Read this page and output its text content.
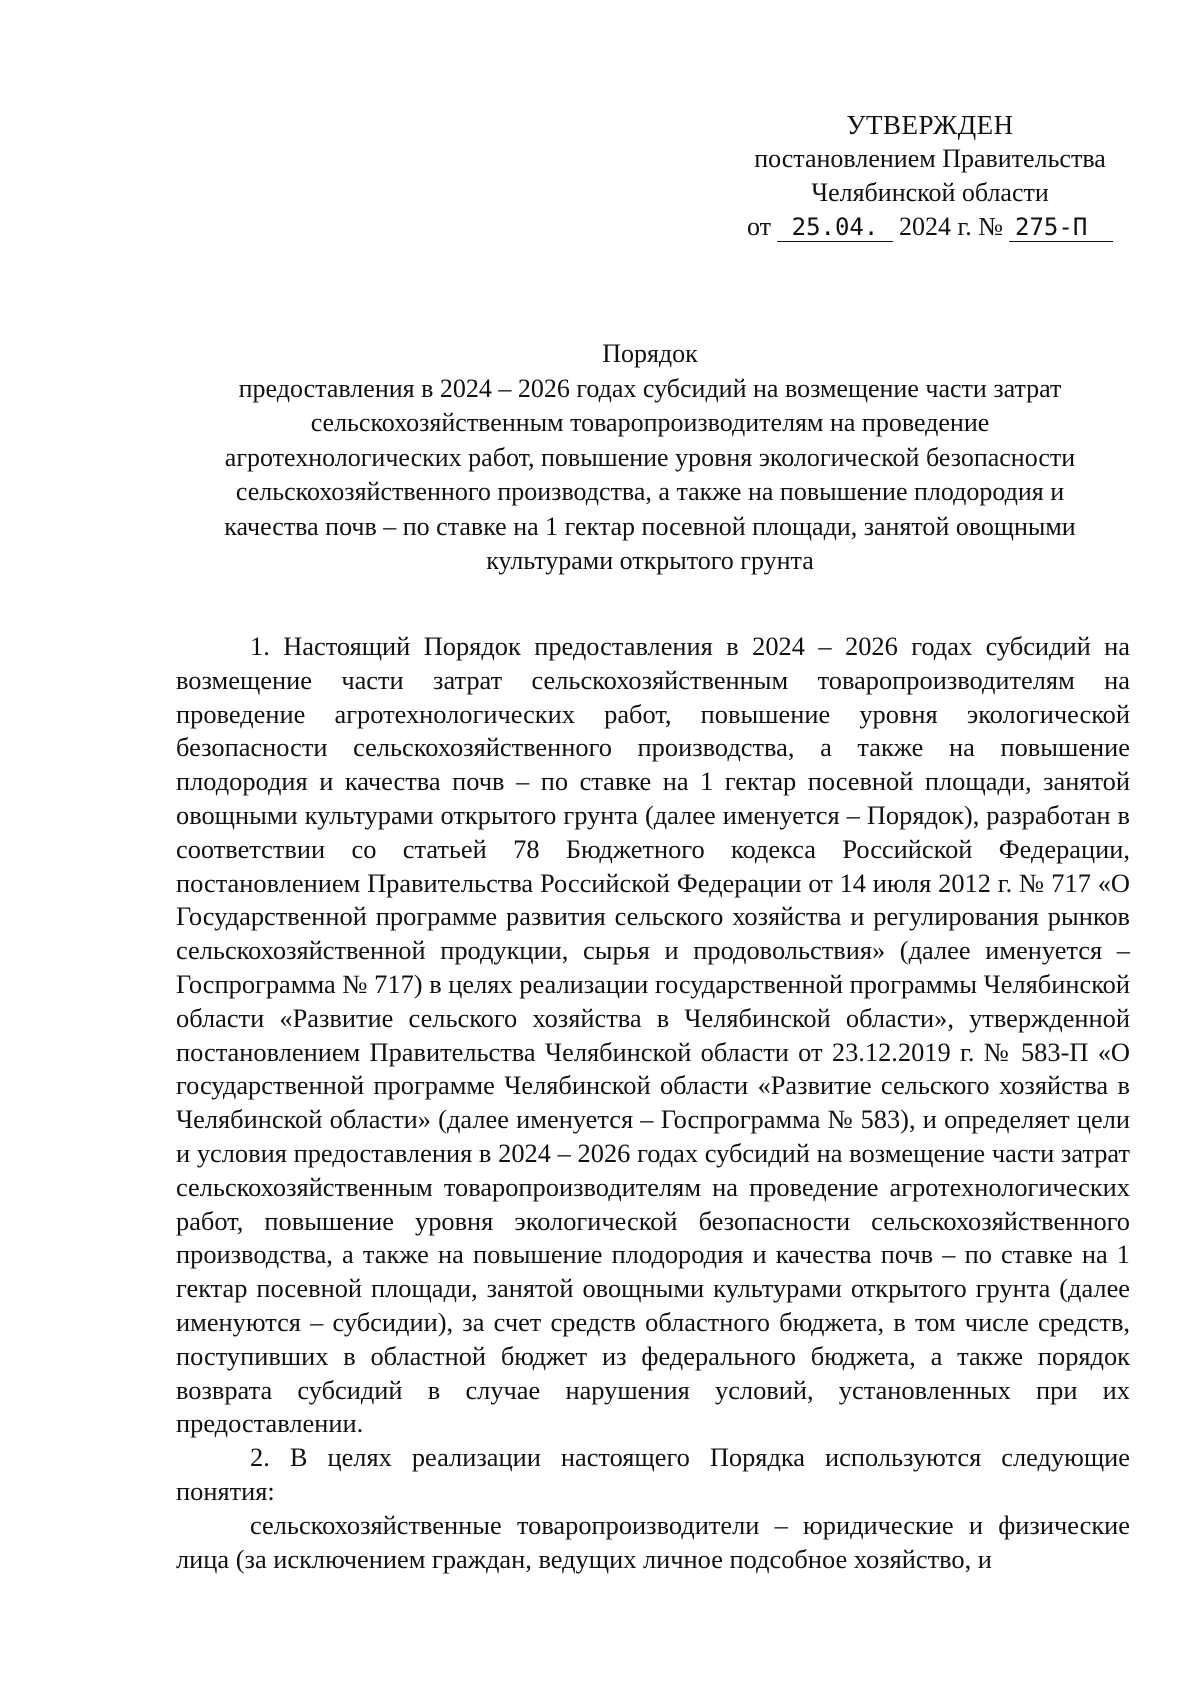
УТВЕРЖДЕН
постановлением Правительства
Челябинской области
от 25.04. 2024 г. № 275-П
Порядок
предоставления в 2024 – 2026 годах субсидий на возмещение части затрат
сельскохозяйственным товаропроизводителям на проведение
агротехнологических работ, повышение уровня экологической безопасности
сельскохозяйственного производства, а также на повышение плодородия и
качества почв – по ставке на 1 гектар посевной площади, занятой овощными
культурами открытого грунта

1. Настоящий Порядок предоставления в 2024 – 2026 годах субсидий на возмещение части затрат сельскохозяйственным товаропроизводителям на проведение агротехнологических работ, повышение уровня экологической безопасности сельскохозяйственного производства, а также на повышение плодородия и качества почв – по ставке на 1 гектар посевной площади, занятой овощными культурами открытого грунта (далее именуется – Порядок), разработан в соответствии со статьей 78 Бюджетного кодекса Российской Федерации, постановлением Правительства Российской Федерации от 14 июля 2012 г. № 717 «О Государственной программе развития сельского хозяйства и регулирования рынков сельскохозяйственной продукции, сырья и продовольствия» (далее именуется – Госпрограмма № 717) в целях реализации государственной программы Челябинской области «Развитие сельского хозяйства в Челябинской области», утвержденной постановлением Правительства Челябинской области от 23.12.2019 г. № 583-П «О государственной программе Челябинской области «Развитие сельского хозяйства в Челябинской области» (далее именуется – Госпрограмма № 583), и определяет цели и условия предоставления в 2024 – 2026 годах субсидий на возмещение части затрат сельскохозяйственным товаропроизводителям на проведение агротехнологических работ, повышение уровня экологической безопасности сельскохозяйственного производства, а также на повышение плодородия и качества почв – по ставке на 1 гектар посевной площади, занятой овощными культурами открытого грунта (далее именуются – субсидии), за счет средств областного бюджета, в том числе средств, поступивших в областной бюджет из федерального бюджета, а также порядок возврата субсидий в случае нарушения условий, установленных при их предоставлении.

2. В целях реализации настоящего Порядка используются следующие понятия:

сельскохозяйственные товаропроизводители – юридические и физические лица (за исключением граждан, ведущих личное подсобное хозяйство, и
